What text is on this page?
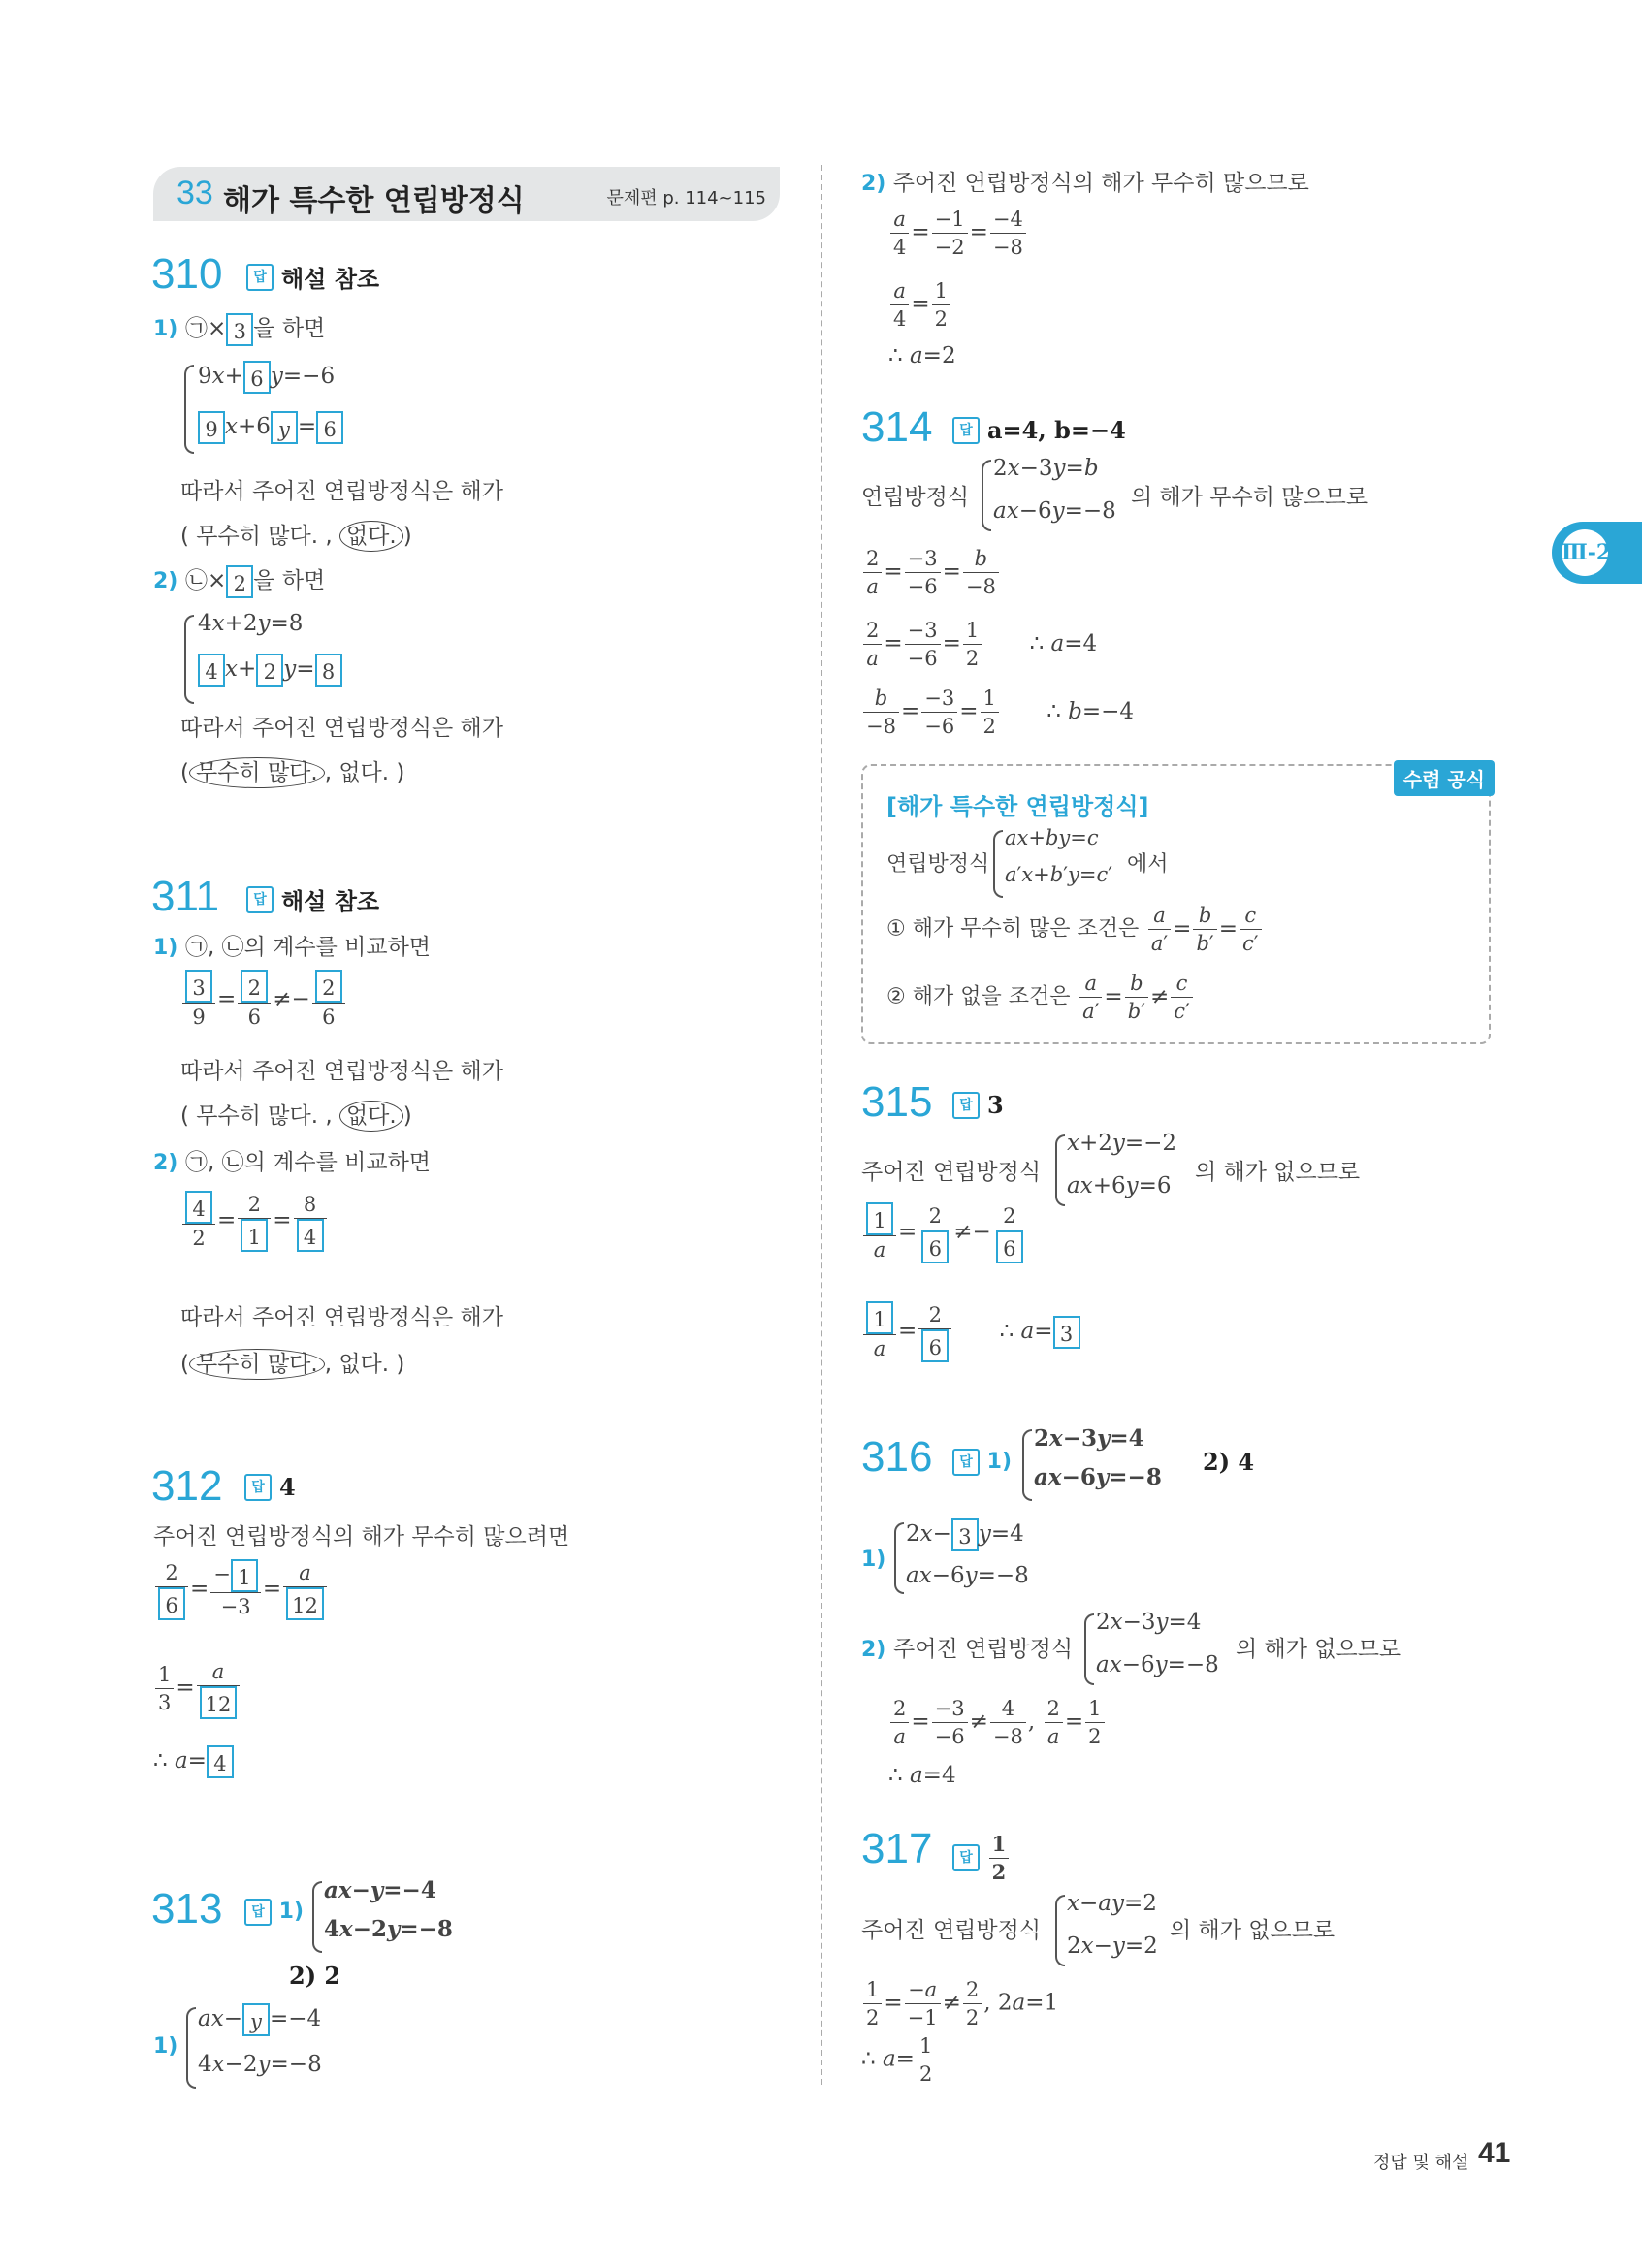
33 해가 특수한 연립방정식	문제편 p. 114~115
310	답 해설 참조
1) ㉠× 3 을 하면
9x+ 6 y=−6
9 x+6 y = 6
따라서 주어진 연립방정식은 해가
( 무수히 많다. , 없다. )
2) ㉡× 2 을 하면
4x+2y=8
4 x+ 2 y= 8
따라서 주어진 연립방정식은 해가
( 무수히 많다. , 없다. )
311	답 해설 참조
1) ㉠, ㉡의 계수를 비교하면
$\frac{3}{9} = \frac{2}{6} \ne- \frac{2}{6}$
따라서 주어진 연립방정식은 해가
( 무수히 많다. , 없다. )
2) ㉠, ㉡의 계수를 비교하면
$\frac{4}{2} = \frac{2}{1} = \frac{8}{4}$
따라서 주어진 연립방정식은 해가
( 무수히 많다. , 없다. )
312	답 4
주어진 연립방정식의 해가 무수히 많으려면
$\frac{2}{6} = \frac{- 1}{-3} = \frac{a}{12}$
$\frac{1}{3} = \frac{a}{12}$
∴ a= 4
313	답 1)
ax−y=−4
4x−2y=−8
2) 2
1)
ax− y =−4
4x−2y=−8
2) 주어진 연립방정식의 해가 무수히 많으므로
$\frac{a}{4} = \frac{-1}{-2} = \frac{-4}{-8}$
$\frac{a}{4} = \frac{1}{2}$
∴ a=2
314	답 a=4, b=−4
연립방정식
2x−3y=b
ax−6y=−8
의 해가 무수히 많으므로
$\frac{2}{a} = \frac{-3}{-6} = \frac{b}{-8}$
$\frac{2}{a} = \frac{-3}{-6} = \frac{1}{2}$ ∴ a=4
$\frac{b}{-8} = \frac{-3}{-6} = \frac{1}{2}$ ∴ b=−4
수렴 공식
[해가 특수한 연립방정식]
연립방정식
ax+by=c
a′x+b′y=c′ 에서
① 해가 무수히 많은 조건은 $\frac{a}{a'} = \frac{b}{b'} = \frac{c}{c'}$
② 해가 없을 조건은 $\frac{a}{a'} = \frac{b}{b'} \ne \frac{c}{c'}$
315	답 3
주어진 연립방정식
x+2y=−2
ax+6y=6
의 해가 없으므로
$\frac{1}{a} = \frac{2}{6} \ne- \frac{2}{6}$
$\frac{1}{a} = \frac{2}{6}$ ∴ a= 3
316	답 1)
2x−3y=4
ax−6y=−8
2) 4
1)
2x− 3 y=4
ax−6y=−8
2) 주어진 연립방정식
2x−3y=4
ax−6y=−8
의 해가 없으므로
$\frac{2}{a} = \frac{-3}{-6} \ne \frac{4}{-8}$ , $\frac{2}{a} = \frac{1}{2}$
∴ a=4
317	답 $\frac{1}{2}$
주어진 연립방정식
x−ay=2
2x−y=2
의 해가 없으므로
$\frac{1}{2} = \frac{-a}{-1} \ne \frac{2}{2}$ , 2a=1
∴ $a= \frac{1}{2}$
Ⅲ-2
정답 및 해설 41
